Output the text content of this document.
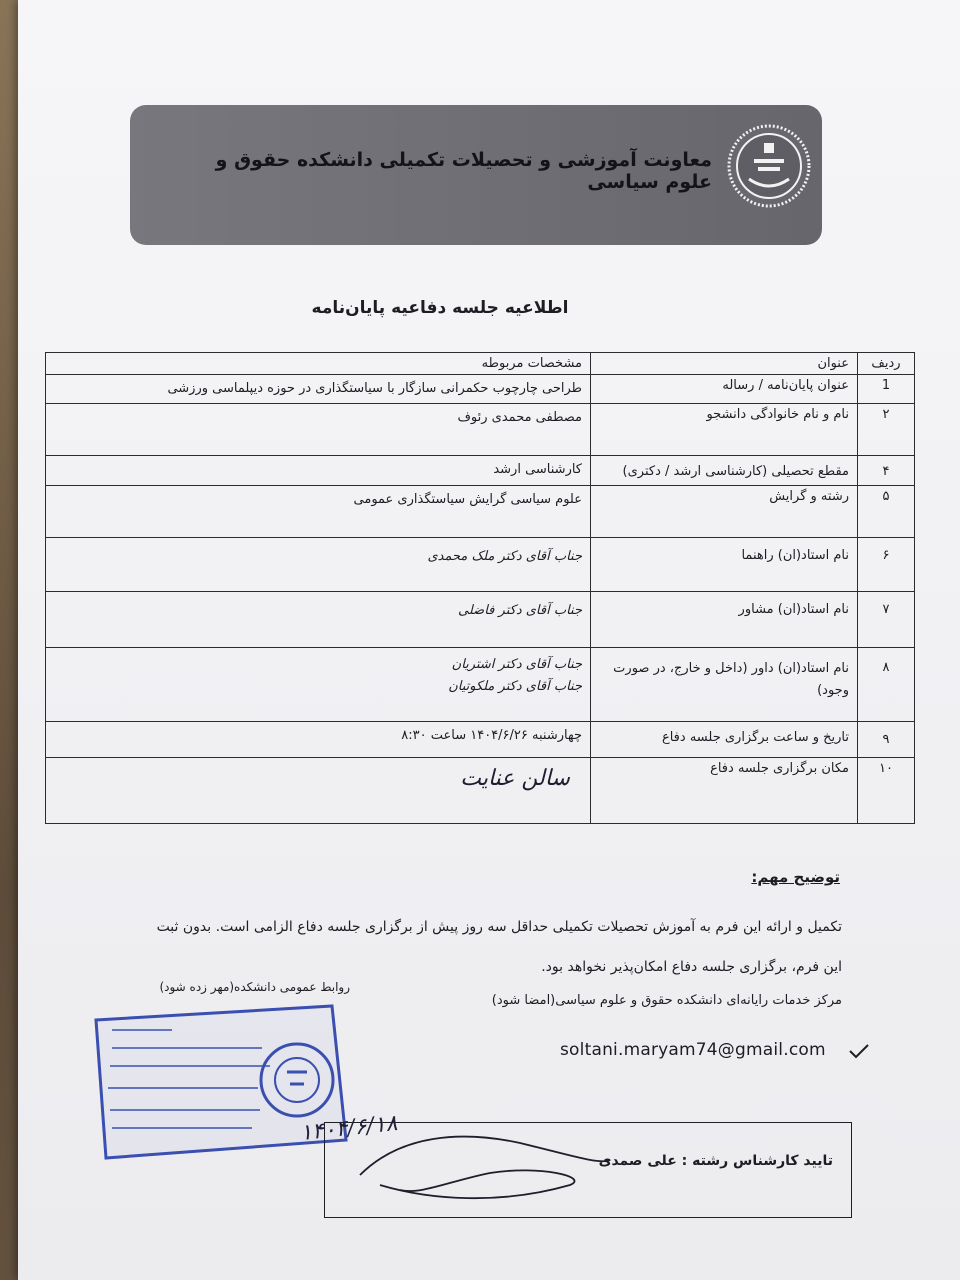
معاونت آموزشی و تحصیلات تکمیلی دانشکده حقوق و علوم سیاسی
اطلاعیه جلسه دفاعیه پایان‌نامه
ردیف	عنوان	مشخصات مربوطه
1	عنوان پایان‌نامه / رساله	طراحی چارچوب حکمرانی سازگار با سیاستگذاری در حوزه دیپلماسی ورزشی
۲	نام و نام خانوادگی دانشجو	مصطفی محمدی رئوف
۴	مقطع تحصیلی (کارشناسی ارشد / دکتری)	کارشناسی ارشد
۵	رشته و گرایش	علوم سیاسی گرایش سیاستگذاری عمومی
۶	نام استاد(ان) راهنما	جناب آقای دکتر ملک محمدی
۷	نام استاد(ان) مشاور	جناب آقای دکتر فاضلی
۸	نام استاد(ان) داور (داخل و خارج، در صورت وجود)	جناب آقای دکتر اشتریان
جناب آقای دکتر ملکوتیان

۹	تاریخ و ساعت برگزاری جلسه دفاع	چهارشنبه ۱۴۰۴/۶/۲۶ ساعت ۸:۳۰
۱۰	مکان برگزاری جلسه دفاع	سالن عنایت
توضیح مهم:
تکمیل و ارائه این فرم به آموزش تحصیلات تکمیلی حداقل سه روز پیش از برگزاری جلسه دفاع الزامی است. بدون ثبت
این فرم، برگزاری جلسه دفاع امکان‌پذیر نخواهد بود.
مرکز خدمات رایانه‌ای دانشکده حقوق و علوم سیاسی(امضا شود)
روابط عمومی دانشکده(مهر زده شود)
soltani.maryam74@gmail.com
تایید کارشناس رشته : علی صمدی
۱۴۰۴/۶/۱۸
